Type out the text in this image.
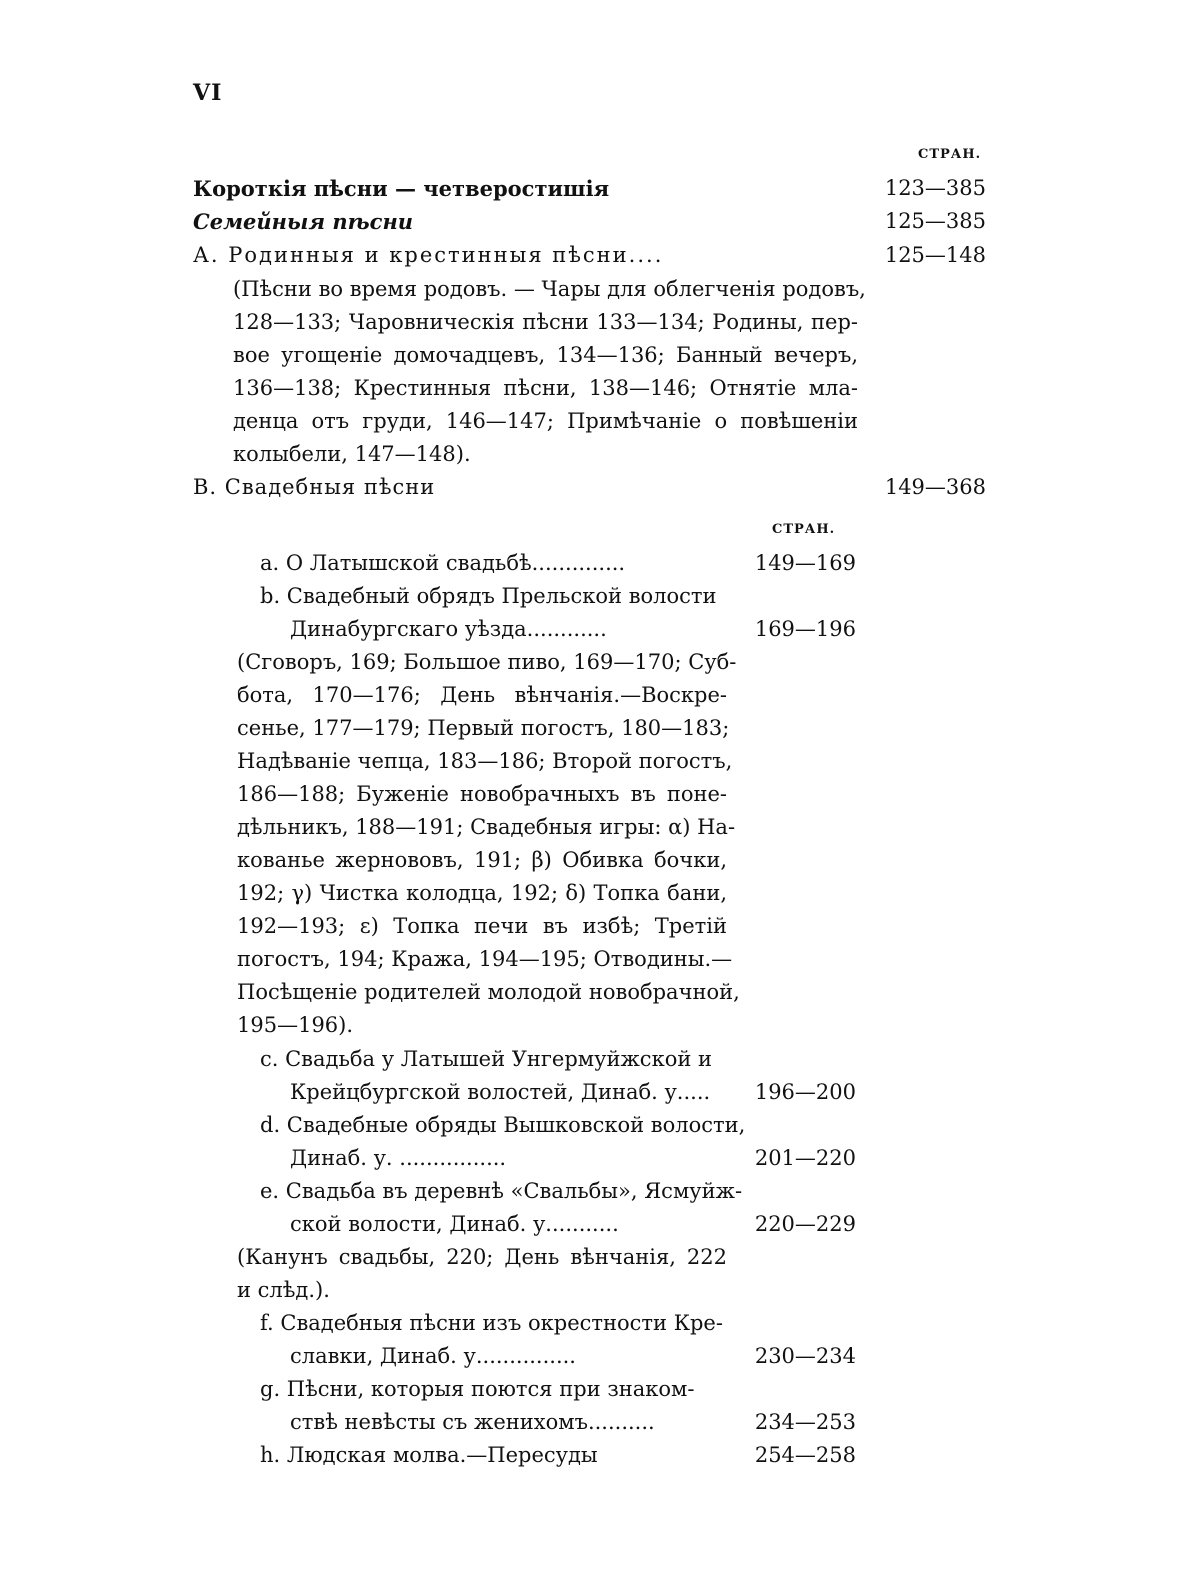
VI
СТРАН.
Короткія пѣсни — четверостишія	123—385
Семейныя пѣсни	125—385
А. Родинныя и крестинныя пѣсни....	125—148
(Пѣсни во время родовъ. — Чары для облегченія родовъ,
128—133; Чаровническія пѣсни 133—134; Родины, пер-
вое угощеніе домочадцевъ, 134—136; Банный вечеръ,
136—138; Крестинныя пѣсни, 138—146; Отнятіе мла-
денца отъ груди, 146—147; Примѣчаніе о повѣшеніи
колыбели, 147—148).
B. Свадебныя пѣсни	149—368
СТРАН.
a. О Латышской свадьбѣ..............	149—169
b. Свадебный обрядъ Прельской волости
Динабургскаго уѣзда............	169—196
(Сговоръ, 169; Большое пиво, 169—170; Суб-
бота, 170—176; День вѣнчанія.—Воскре-
сенье, 177—179; Первый погостъ, 180—183;
Надѣваніе чепца, 183—186; Второй погостъ,
186—188; Буженіе новобрачныхъ въ поне-
дѣльникъ, 188—191; Свадебныя игры: α) На-
кованье жернововъ, 191; β) Обивка бочки,
192; γ) Чистка колодца, 192; δ) Топка бани,
192—193; ε) Топка печи въ избѣ; Третій
погостъ, 194; Кража, 194—195; Отводины.—
Посѣщеніе родителей молодой новобрачной,
195—196).
c. Свадьба у Латышей Унгермуйжской и
Крейцбургской волостей, Динаб. у..... 196—200
d. Свадебные обряды Вышковской волости,
Динаб. у. ................	201—220
e. Свадьба въ деревнѣ «Свальбы», Ясмуйж-
ской волости, Динаб. у...........	220—229
(Канунъ свадьбы, 220; День вѣнчанія, 222
и слѣд.).
f. Свадебныя пѣсни изъ окрестности Кре-
славки, Динаб. у...............	230—234
g. Пѣсни, которыя поются при знаком-
ствѣ невѣсты съ женихомъ..........	234—253
h. Людская молва.—Пересуды	254—258
